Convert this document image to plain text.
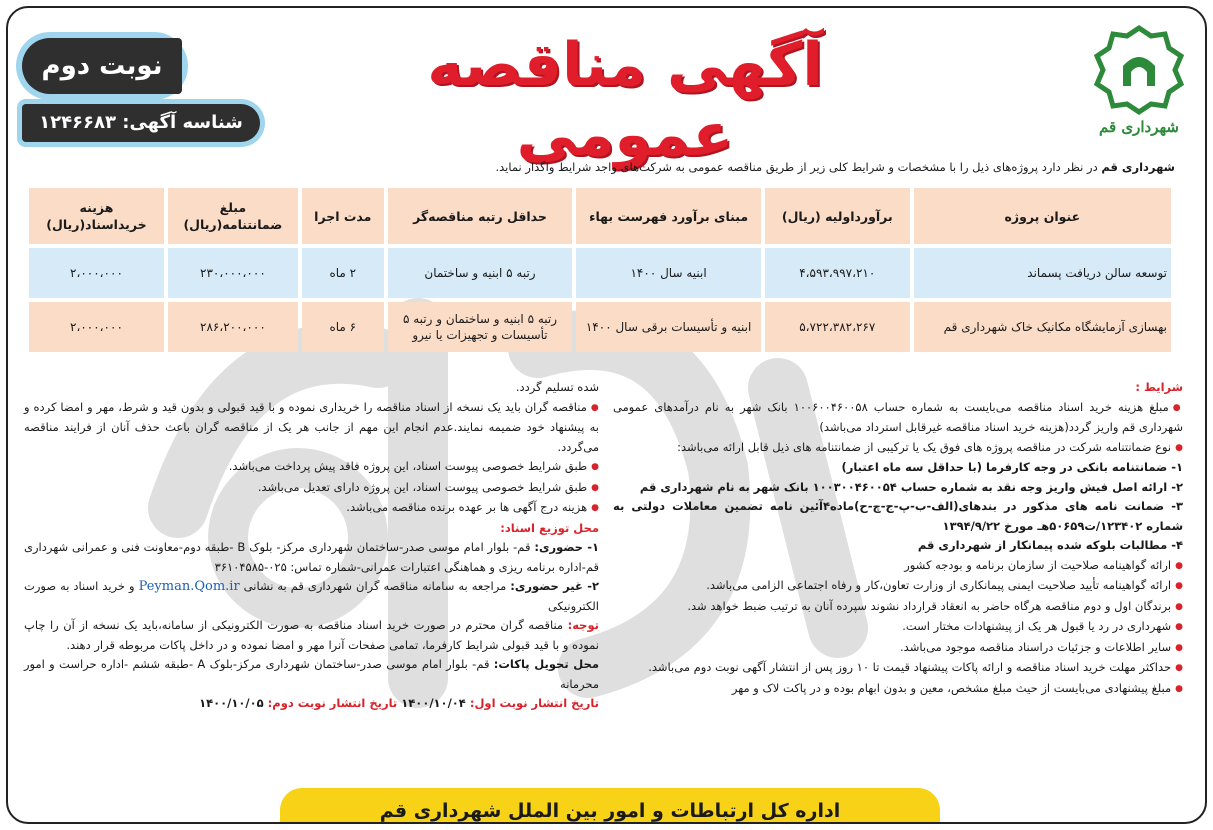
شهرداری قم
آگهی مناقصه عمومی
نوبت دوم
شناسه آگهی: ۱۲۴۶۶۸۳
شهرداری قم در نظر دارد پروژه‌های ذیل را با مشخصات و شرایط کلی زیر از طریق مناقصه عمومی به شرکت‌های واجد شرایط واگذار نماید.
عنوان پروژه	برآورداولیه (ریال)	مبنای برآورد فهرست بهاء	حداقل رتبه مناقصه‌گر	مدت اجرا	مبلغ ضمانتنامه(ریال)	هزینه خریداسناد(ریال)
توسعه سالن دریافت پسماند	۴،۵۹۳،۹۹۷،۲۱۰	ابنیه سال ۱۴۰۰	رتبه ۵ ابنیه و ساختمان	۲ ماه	۲۳۰،۰۰۰،۰۰۰	۲،۰۰۰،۰۰۰
بهسازی آزمایشگاه مکانیک خاک شهرداری قم	۵،۷۲۲،۳۸۲،۲۶۷	ابنیه و تأسیسات برقی سال ۱۴۰۰	رتبه ۵ ابنیه و ساختمان و رتبه ۵ تأسیسات و تجهیزات یا نیرو	۶ ماه	۲۸۶،۲۰۰،۰۰۰	۲،۰۰۰،۰۰۰
شرایط :
● مبلغ هزینه خرید اسناد مناقصه می‌بایست به شماره حساب ۱۰۰۶۰۰۴۶۰۰۵۸ بانک شهر به نام درآمدهای عمومی شهرداری قم واریز گردد(هزینه خرید اسناد مناقصه غیرقابل استرداد می‌باشد)
● نوع ضمانتنامه شرکت در مناقصه پروژه های فوق یک یا ترکیبی از ضمانتنامه های ذیل قابل ارائه می‌باشد:
۱- ضمانتنامه بانکی در وجه کارفرما (با حداقل سه ماه اعتبار)
۲- ارائه اصل فیش واریز وجه نقد به شماره حساب ۱۰۰۳۰۰۴۶۰۰۵۴ بانک شهر به نام شهرداری قم
۳- ضمانت نامه های مذکور در بندهای(الف-ب-پ-ج-چ-ح)ماده۴آئین نامه تضمین معاملات دولتی به شماره ۱۲۳۴۰۲/ت۵۰۶۵۹هـ مورخ ۱۳۹۴/۹/۲۲
۴- مطالبات بلوکه شده پیمانکار از شهرداری قم
● ارائه گواهینامه صلاحیت از سازمان برنامه و بودجه کشور
● ارائه گواهینامه تأیید صلاحیت ایمنی پیمانکاری از وزارت تعاون،کار و رفاه اجتماعی الزامی می‌باشد.
● برندگان اول و دوم مناقصه هرگاه حاضر به انعقاد قرارداد نشوند سپرده آنان به ترتیب ضبط خواهد شد.
● شهرداری در رد یا قبول هر یک از پیشنهادات مختار است.
● سایر اطلاعات و جزئیات دراسناد مناقصه موجود می‌باشد.
● حداکثر مهلت خرید اسناد مناقصه و ارائه پاکات پیشنهاد قیمت تا ۱۰ روز پس از انتشار آگهی نوبت دوم می‌باشد.
● مبلغ پیشنهادی می‌بایست از حیث مبلغ مشخص، معین و بدون ابهام بوده و در پاکت لاک و مهر
شده تسلیم گردد.
● مناقصه گران باید یک نسخه از اسناد مناقصه را خریداری نموده و با قید قبولی و بدون قید و شرط، مهر و امضا کرده و به پیشنهاد خود ضمیمه نمایند.عدم انجام این مهم از جانب هر یک از مناقصه گران باعث حذف آنان از فرایند مناقصه می‌گردد.
● طبق شرایط خصوصی پیوست اسناد، این پروژه فاقد پیش پرداخت می‌باشد.
● طبق شرایط خصوصی پیوست اسناد، این پروژه دارای تعدیل می‌باشد.
● هزینه درج آگهی ها بر عهده برنده مناقصه می‌باشد.
محل توزیع اسناد:
۱- حضوری: قم- بلوار امام موسی صدر-ساختمان شهرداری مرکز- بلوک B -طبقه دوم-معاونت فنی و عمرانی شهرداری قم-اداره برنامه ریزی و هماهنگی اعتبارات عمرانی-شماره تماس: ۰۲۵-۳۶۱۰۴۵۸۵
۲- غیر حضوری: مراجعه به سامانه مناقصه گران شهرداری قم به نشانی Peyman.Qom.ir و خرید اسناد به صورت الکترونیکی
توجه: مناقصه گران محترم در صورت خرید اسناد مناقصه به صورت الکترونیکی از سامانه،باید یک نسخه از آن را چاپ نموده و با قید قبولی شرایط کارفرما، تمامی صفحات آنرا مهر و امضا نموده و در داخل پاکات مربوطه قرار دهند.
محل تحویل پاکات: قم- بلوار امام موسی صدر-ساختمان شهرداری مرکز-بلوک A -طبقه ششم -اداره حراست و امور محرمانه
تاریخ انتشار نوبت اول: ۱۴۰۰/۱۰/۰۴ تاریخ انتشار نوبت دوم: ۱۴۰۰/۱۰/۰۵
اداره کل ارتباطات و امور بین الملل شهرداری قم
